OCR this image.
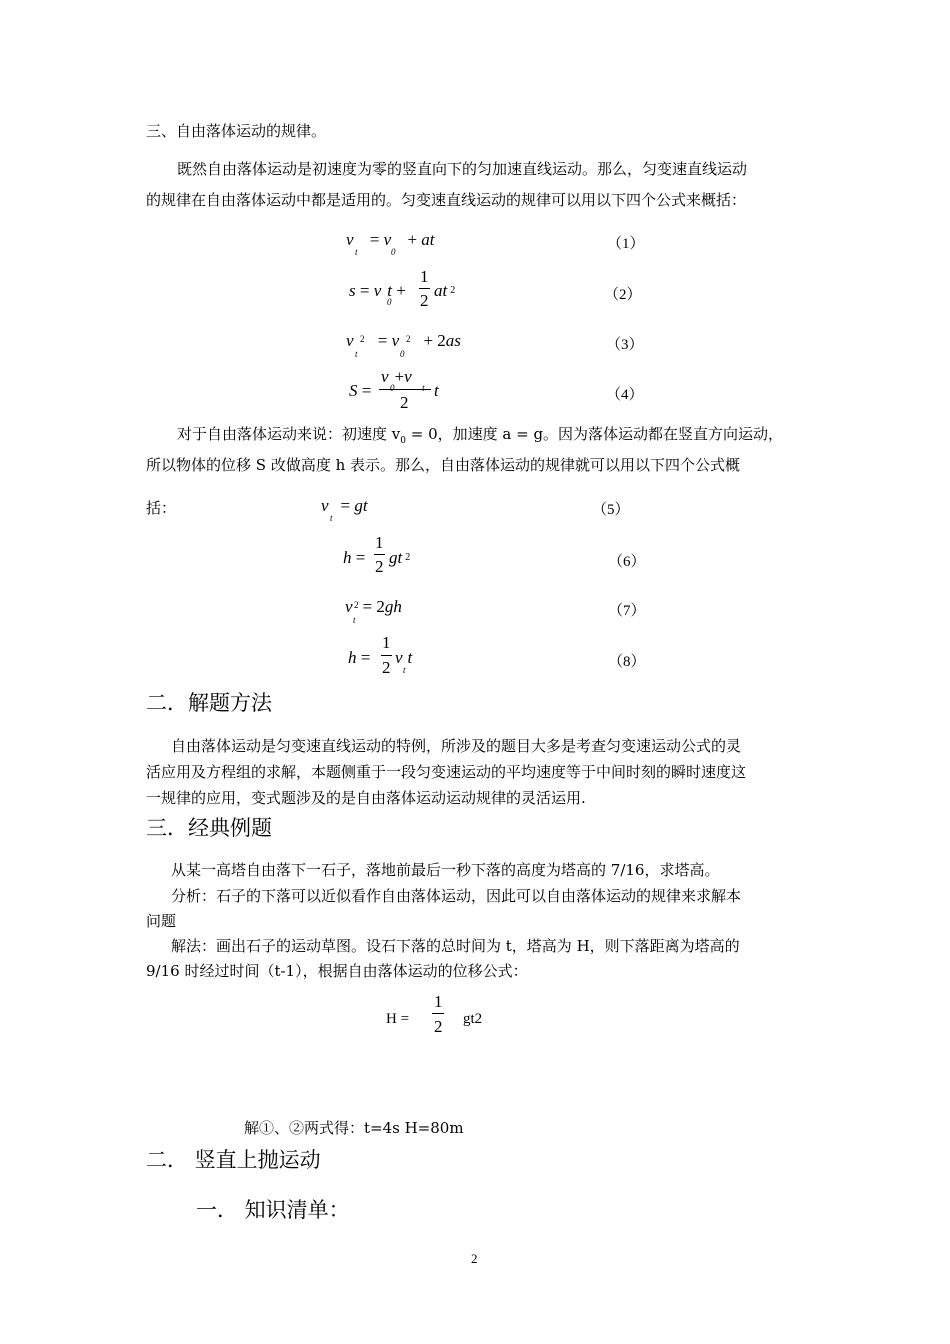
三、自由落体运动的规律。
既然自由落体运动是初速度为零的竖直向下的匀加速直线运动。那么，匀变速直线运动
的规律在自由落体运动中都是适用的。匀变速直线运动的规律可以用以下四个公式来概括：
v
t
= v
0
+ at	（1）
s = v
0
t +
1
2
at 2	（2）
v 2
t
= v 2
0
+ 2as	（3）
S =
v
0
+v
t
2
t	（4）
对于自由落体运动来说：初速度 $v_0 = 0$，加速度 a = g。因为落体运动都在竖直方向运动，
所以物体的位移 S 改做高度 h 表示。那么，自由落体运动的规律就可以用以下四个公式概
括：	v
t
= gt	（5）
h =
1
2 gt 2	（6）
v 2
t
= 2gh	（7）
h =
1
2
v
t
t	（8）
二．解题方法
自由落体运动是匀变速直线运动的特例，所涉及的题目大多是考查匀变速运动公式的灵
活应用及方程组的求解，本题侧重于一段匀变速运动的平均速度等于中间时刻的瞬时速度这
一规律的应用，变式题涉及的是自由落体运动运动规律的灵活运用.
三．经典例题
从某一高塔自由落下一石子，落地前最后一秒下落的高度为塔高的 7/16，求塔高。
分析：石子的下落可以近似看作自由落体运动，因此可以自由落体运动的规律来求解本
问题
解法：画出石子的运动草图。设石下落的总时间为 t，塔高为 H，则下落距离为塔高的
9/16 时经过时间（t-1），根据自由落体运动的位移公式：
H =
1
2 gt2
解①、②两式得：t=4s H=80m
二． 竖直上抛运动
一． 知识清单：
2
